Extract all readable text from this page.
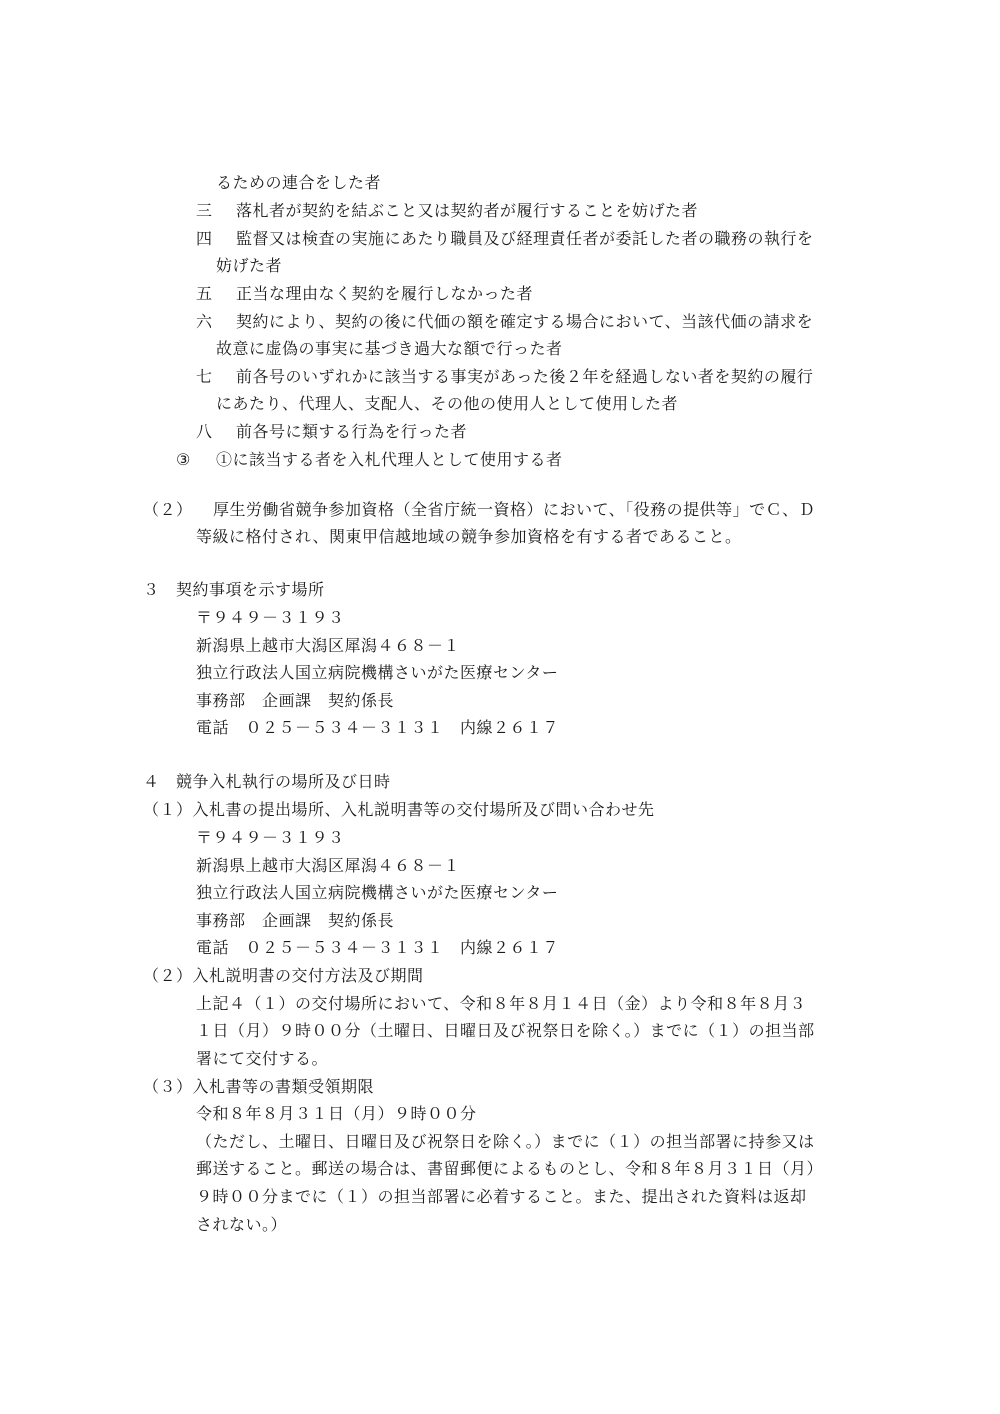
るための連合をした者
三 落札者が契約を結ぶこと又は契約者が履行することを妨げた者
四 監督又は検査の実施にあたり職員及び経理責任者が委託した者の職務の執行を
妨げた者
五 正当な理由なく契約を履行しなかった者
六 契約により、契約の後に代価の額を確定する場合において、当該代価の請求を
故意に虚偽の事実に基づき過大な額で行った者
七 前各号のいずれかに該当する事実があった後２年を経過しない者を契約の履行
にあたり、代理人、支配人、その他の使用人として使用した者
八 前各号に類する行為を行った者
③ ①に該当する者を入札代理人として使用する者
（２） 厚生労働省競争参加資格（全省庁統一資格）において、「役務の提供等」でＣ、Ｄ
等級に格付され、関東甲信越地域の競争参加資格を有する者であること。
３　契約事項を示す場所
〒９４９－３１９３
新潟県上越市大潟区犀潟４６８－１
独立行政法人国立病院機構さいがた医療センター
事務部　企画課　契約係長
電話　０２５－５３４－３１３１　内線２６１７
４　競争入札執行の場所及び日時
（１）入札書の提出場所、入札説明書等の交付場所及び問い合わせ先
〒９４９－３１９３
新潟県上越市大潟区犀潟４６８－１
独立行政法人国立病院機構さいがた医療センター
事務部　企画課　契約係長
電話　０２５－５３４－３１３１　内線２６１７
（２）入札説明書の交付方法及び期間
上記４（１）の交付場所において、令和８年８月１４日（金）より令和８年８月３
１日（月）９時００分（土曜日、日曜日及び祝祭日を除く。）までに（１）の担当部
署にて交付する。
（３）入札書等の書類受領期限
令和８年８月３１日（月）９時００分
（ただし、土曜日、日曜日及び祝祭日を除く。）までに（１）の担当部署に持参又は
郵送すること。郵送の場合は、書留郵便によるものとし、令和８年８月３１日（月）
９時００分までに（１）の担当部署に必着すること。また、提出された資料は返却
されない。）
